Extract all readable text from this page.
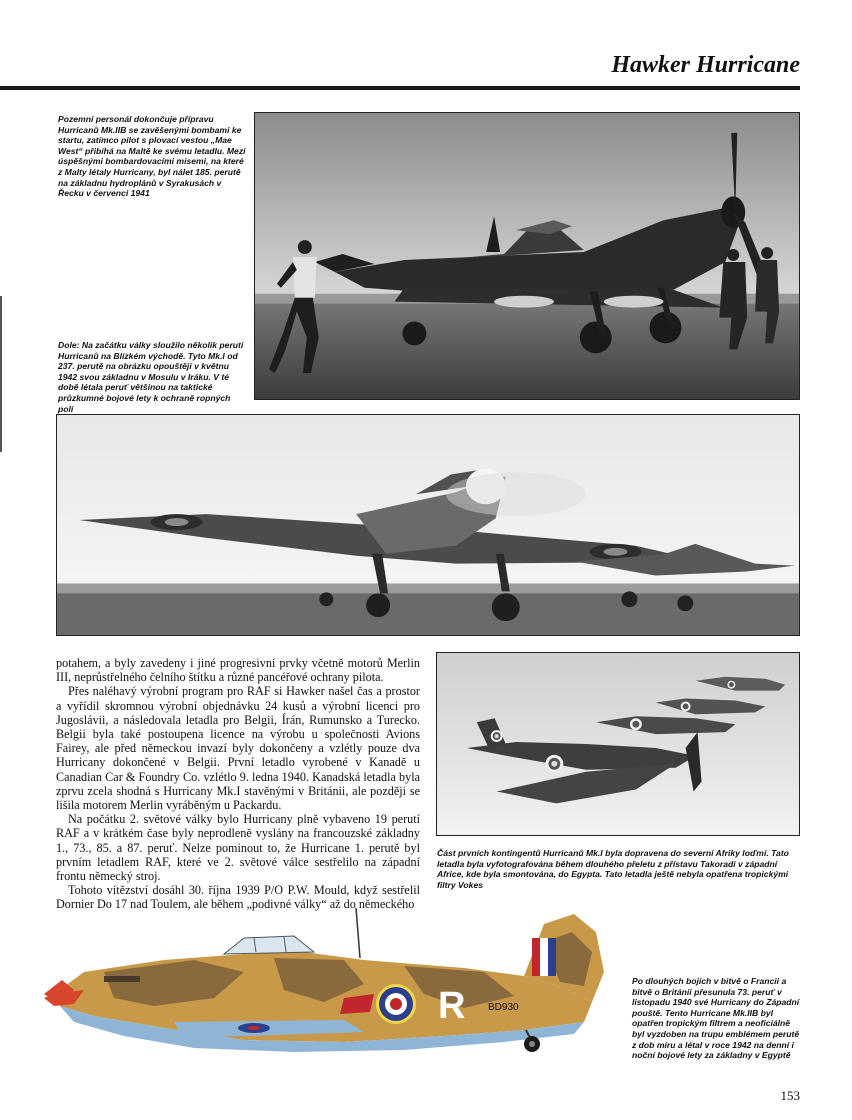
Hawker Hurricane
Pozemní personál dokončuje přípravu Hurricanů Mk.IIB se zavěšenými bombami ke startu, zatímco pilot s plovací vestou „Mae West“ přibíhá na Maltě ke svému letadlu. Mezi úspěšnými bombardovacími misemi, na které z Malty létaly Hurricany, byl nálet 185. perutě na základnu hydroplánů v Syrakusách v Řecku v červenci 1941
Dole: Na začátku války sloužilo několik perutí Hurricanů na Blízkém východě. Tyto Mk.I od 237. perutě na obrázku opouštějí v květnu 1942 svou základnu v Mosulu v Iráku. V té době létala peruť většinou na taktické průzkumné bojové lety k ochraně ropných polí

potahem, a byly zavedeny i jiné progresivní prvky včetně motorů Merlin III, neprůstřelného čelního štítku a různé pancéřové ochrany pilota.

Přes naléhavý výrobní program pro RAF si Hawker našel čas a prostor a vyřídil skromnou výrobní objednávku 24 kusů a výrobní licenci pro Jugoslávii, a následovala letadla pro Belgii, Írán, Rumunsko a Turecko. Belgii byla také postoupena licence na výrobu u společnosti Avions Fairey, ale před německou invazí byly dokončeny a vzlétly pouze dva Hurricany dokončené v Belgii. První letadlo vyrobené v Kanadě u Canadian Car & Foundry Co. vzlétlo 9. ledna 1940. Kanadská letadla byla zprvu zcela shodná s Hurricany Mk.I stavěnými v Británii, ale později se lišila motorem Merlin vyráběným u Packardu.

Na počátku 2. světové války bylo Hurricany plně vybaveno 19 perutí RAF a v krátkém čase byly neprodleně vyslány na francouzské základny 1., 73., 85. a 87. peruť. Nelze pominout to, že Hurricane 1. perutě byl prvním letadlem RAF, které ve 2. světové válce sestřelilo na západní frontu německý stroj.

Tohoto vítězství dosáhl 30. října 1939 P/O P.W. Mould, když sestřelil Dornier Do 17 nad Toulem, ale během „podivné války“ až do německého

Část prvních kontingentů Hurricanů Mk.I byla dopravena do severní Afriky loďmi. Tato letadla byla vyfotografována během dlouhého přeletu z přístavu Takoradi v západní Africe, kde byla smontována, do Egypta. Tato letadla ještě nebyla opatřena tropickými filtry Vokes
R BD930
Po dlouhých bojích v bitvě o Francii a bitvě o Británii přesunula 73. peruť v listopadu 1940 své Hurricany do Západní pouště. Tento Hurricane Mk.IIB byl opatřen tropickým filtrem a neoficiálně byl vyzdoben na trupu emblémem perutě z dob míru a létal v roce 1942 na denní i noční bojové lety za základny v Egyptě
153
